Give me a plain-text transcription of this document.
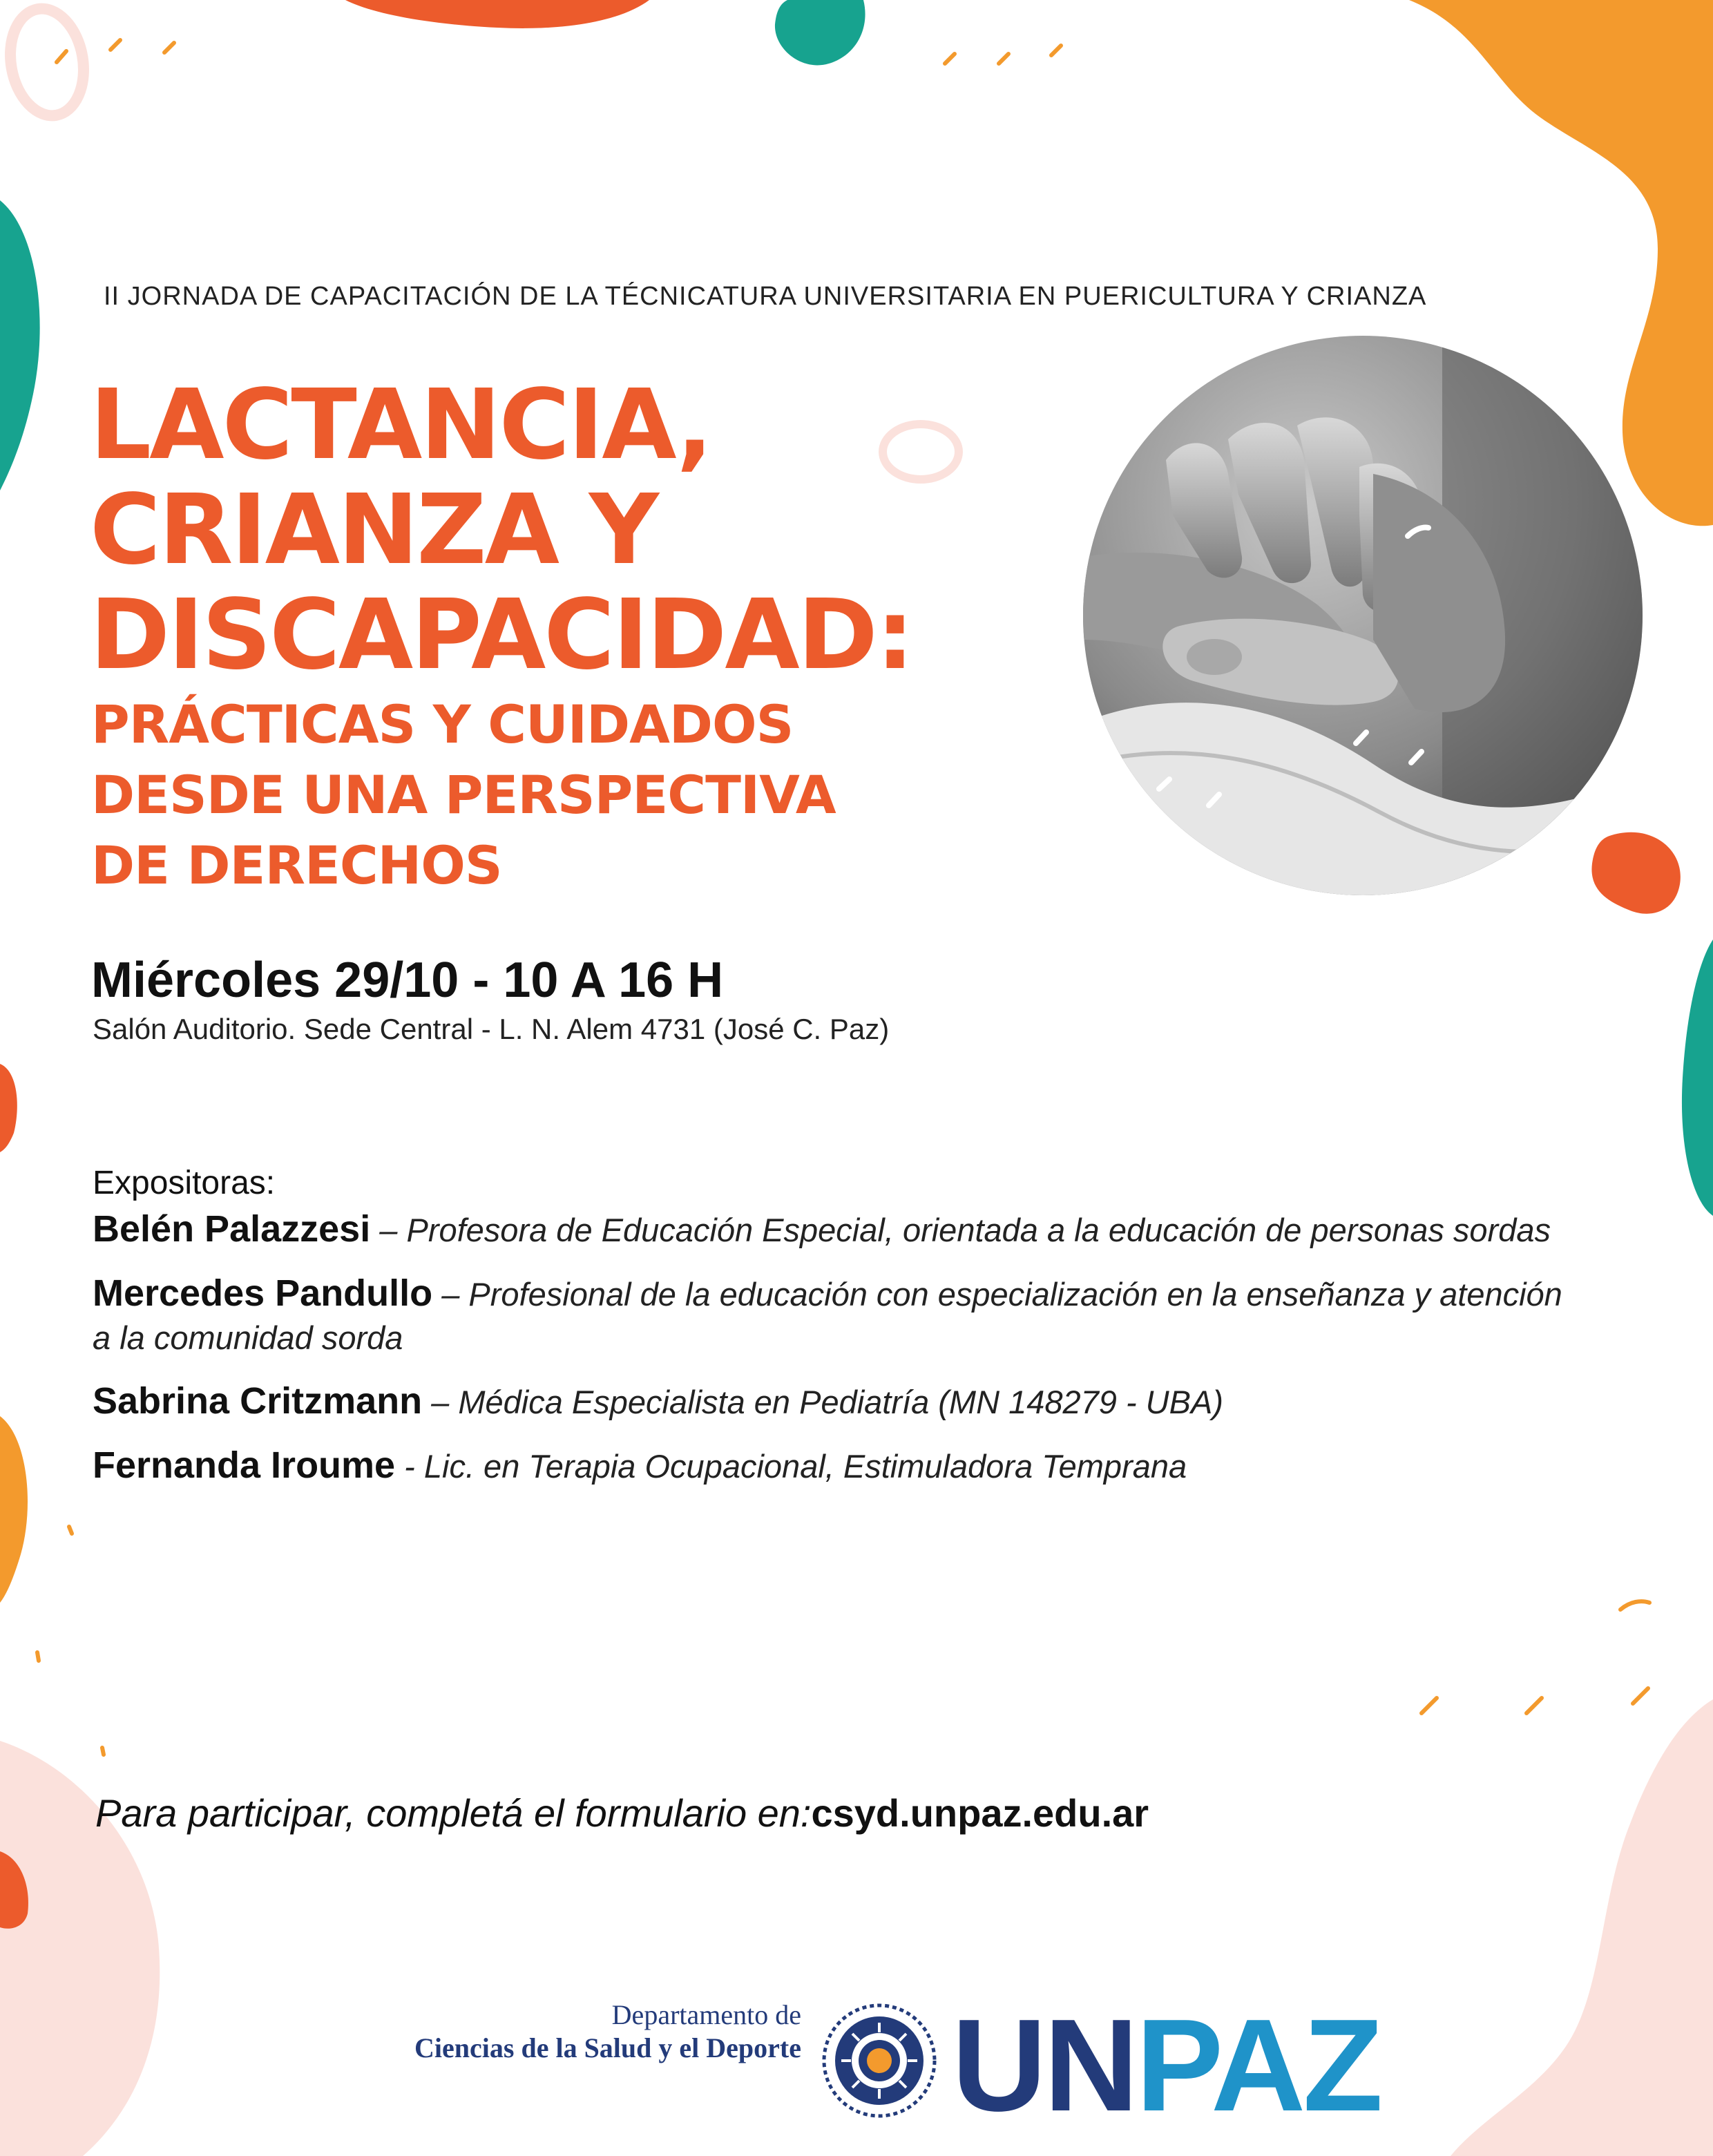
II JORNADA DE CAPACITACIÓN DE LA TÉCNICATURA UNIVERSITARIA EN PUERICULTURA Y CRIANZA
LACTANCIA,
CRIANZA Y
DISCAPACIDAD:
PRÁCTICAS Y CUIDADOS
DESDE UNA PERSPECTIVA
DE DERECHOS
Miércoles 29/10 - 10 A 16 H
Salón Auditorio. Sede Central - L. N. Alem 4731 (José C. Paz)
Expositoras:
Belén Palazzesi – Profesora de Educación Especial, orientada a la educación de personas sordas
Mercedes Pandullo – Profesional de la educación con especialización en la enseñanza y atención a la comunidad sorda
Sabrina Critzmann – Médica Especialista en Pediatría (MN 148279 - UBA)
Fernanda Iroume - Lic. en Terapia Ocupacional, Estimuladora Temprana
Para participar, completá el formulario en:csyd.unpaz.edu.ar
Departamento de
Ciencias de la Salud y el Deporte UNPAZ
